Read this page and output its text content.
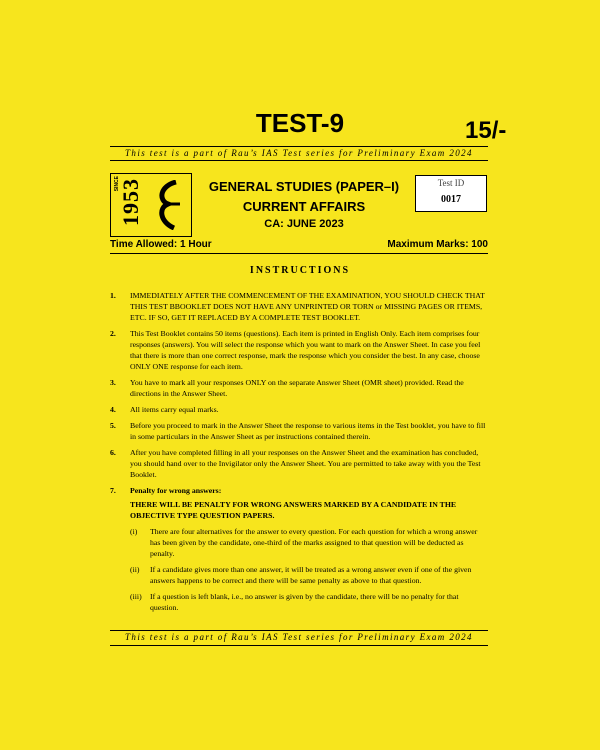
TEST-9	15/-
This test is a part of Rau’s IAS Test series for Preliminary Exam 2024
SINCE
1953	GENERAL STUDIES (PAPER–I)
CURRENT AFFAIRS
CA: JUNE 2023
Test ID
0017
Time Allowed: 1 Hour	Maximum Marks: 100
INSTRUCTIONS
1. IMMEDIATELY AFTER THE COMMENCEMENT OF THE EXAMINATION, YOU SHOULD CHECK THAT THIS TEST BBOOKLET DOES NOT HAVE ANY UNPRINTED OR TORN or MISSING PAGES OR ITEMS, ETC. IF SO, GET IT REPLACED BY A COMPLETE TEST BOOKLET.
2. This Test Booklet contains 50 items (questions). Each item is printed in English Only. Each item comprises four responses (answers). You will select the response which you want to mark on the Answer Sheet. In case you feel that there is more than one correct response, mark the response which you consider the best. In any case, choose ONLY ONE response for each item.
3. You have to mark all your responses ONLY on the separate Answer Sheet (OMR sheet) provided. Read the directions in the Answer Sheet.
4. All items carry equal marks.
5. Before you proceed to mark in the Answer Sheet the response to various items in the Test booklet, you have to fill in some particulars in the Answer Sheet as per instructions contained therein.
6. After you have completed filling in all your responses on the Answer Sheet and the examination has concluded, you should hand over to the Invigilator only the Answer Sheet. You are permitted to take away with you the Test Booklet.
7. Penalty for wrong answers:
THERE WILL BE PENALTY FOR WRONG ANSWERS MARKED BY A CANDIDATE IN THE OBJECTIVE TYPE QUESTION PAPERS.
(i) There are four alternatives for the answer to every question. For each question for which a wrong answer has been given by the candidate, one-third of the marks assigned to that question will be deducted as penalty.
(ii) If a candidate gives more than one answer, it will be treated as a wrong answer even if one of the given answers happens to be correct and there will be same penalty as above to that question.
(iii) If a question is left blank, i.e., no answer is given by the candidate, there will be no penalty for that question.
This test is a part of Rau’s IAS Test series for Preliminary Exam 2024
